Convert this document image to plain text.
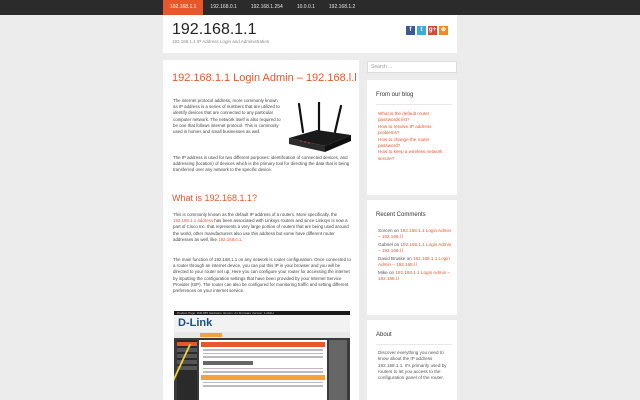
192.168.1.1	192.168.0.1	192.168.1.254	10.0.0.1	192.168.1.2
192.168.1.1
192.168.1.1 IP Address Login and Administration
f	t	g+ ⊕
Search ...
192.168.1.1 Login Admin – 192.168.l.l
The internet protocol address, more commonly known as IP address is a series of numbers that are utilized to identify devices that are connected to any particular computer network. The network itself is also required to be one that follows internet protocol. This is commonly used in homes and small businesses as well.
The IP address is used for two different purposes: identification of connected devices, and addressing (location) of devices which is the primary tool for directing the data that is being transferred over any network to the specific device.
What is 192.168.1.1?
This is commonly known as the default IP address of a routers. More specifically, the 192.168.1.1 address has been associated with Linksys routers and since Linksys is now a part of Cisco Inc. that represents a very large portion of routers that are being used around the world, other manufacturers also use this address but some have different router addresses as well, like 192.168.0.1.
The main function of 192.168.1.1 on any network is router configuration. Once connected to a router through an internet device, you can put this IP in your browser and you will be directed to your router set up. Here you can configure your router for accessing the internet by inputting the configuration settings that have been provided by your Internet Service Provider (ISP). The router can also be configured for monitoring traffic and setting different preferences on your internet service.
Product Page: DIR-655 Hardware Version: A1 Firmware Version: 1.21EU
D-Link
From our blog
What is the default router passwords list?
How to resolve IP address problems?
How to change the router password?
How to keep a wireless network secure?
Recent Comments
Sorcen on 192.168.1.1 Login Admin – 192.168.l.l
Gabriel on 192.168.1.1 Login Admin – 192.168.l.l
David Bruske on 192.168.1.1 Login Admin – 192.168.l.l
Mike on 192.168.1.1 Login Admin – 192.168.l.l
About
Discover everything you need to know about the IP address 192.168.1.1. It's primarily used by routers to let you access to the configuration panel of the router.
